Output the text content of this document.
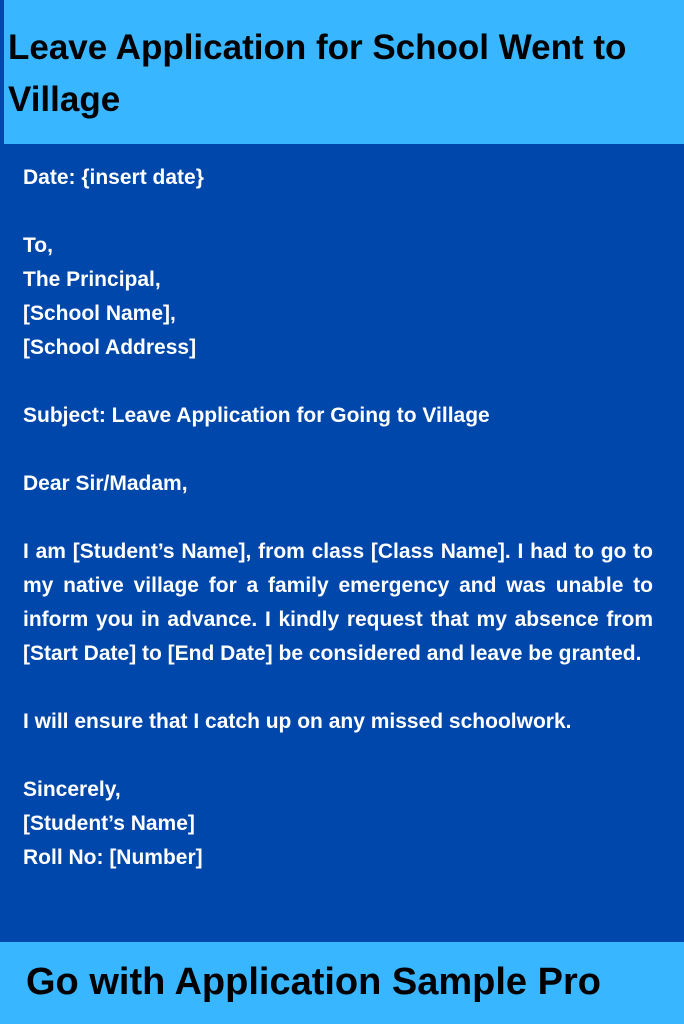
Leave Application for School Went to Village
Date: {insert date}
To,
The Principal,
[School Name],
[School Address]
Subject: Leave Application for Going to Village
Dear Sir/Madam,
I am [Student’s Name], from class [Class Name]. I had to go to my native village for a family emergency and was unable to inform you in advance. I kindly request that my absence from [Start Date] to [End Date] be considered and leave be granted.
I will ensure that I catch up on any missed schoolwork.
Sincerely,
[Student’s Name]
Roll No: [Number]

Go with Application Sample Pro
